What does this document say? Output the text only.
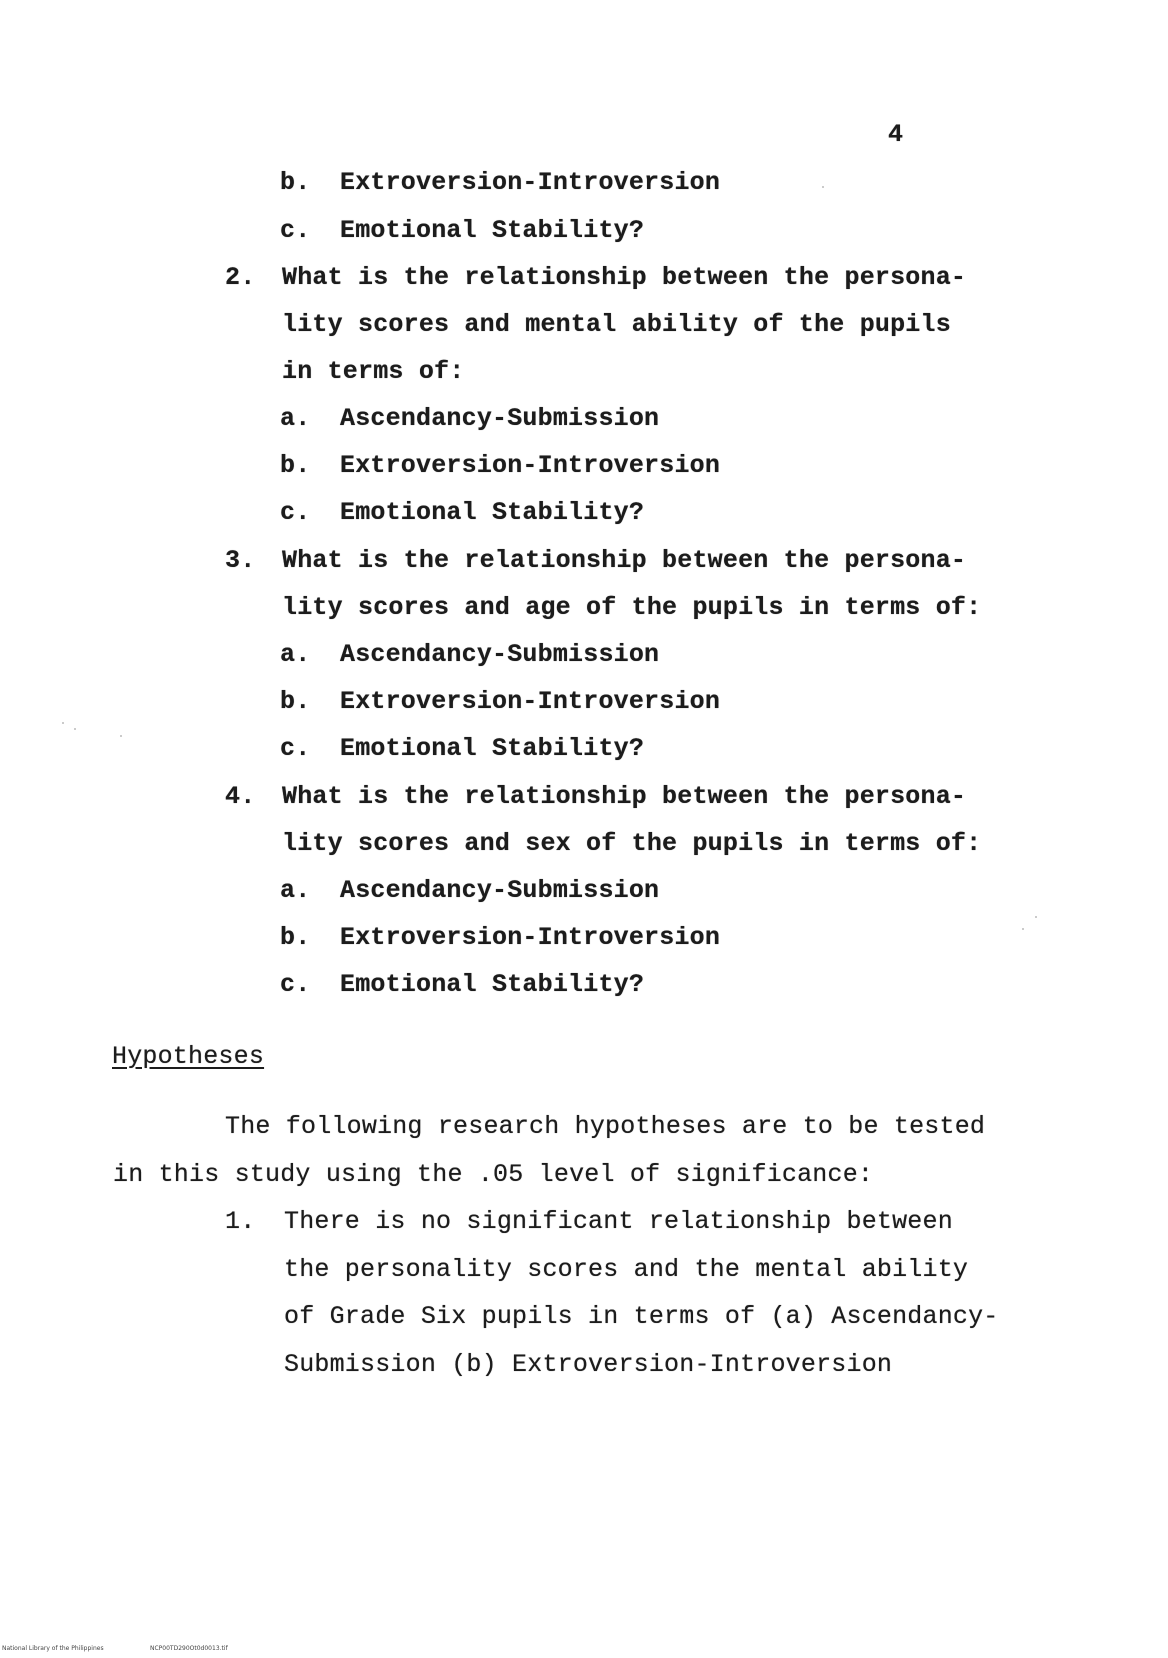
4
b. Extroversion-Introversion
c. Emotional Stability?
2. What is the relationship between the persona-
lity scores and mental ability of the pupils
in terms of:
a. Ascendancy-Submission
b. Extroversion-Introversion
c. Emotional Stability?
3. What is the relationship between the persona-
lity scores and age of the pupils in terms of:
a. Ascendancy-Submission
b. Extroversion-Introversion
c. Emotional Stability?
4. What is the relationship between the persona-
lity scores and sex of the pupils in terms of:
a. Ascendancy-Submission
b. Extroversion-Introversion
c. Emotional Stability?
Hypotheses
The following research hypotheses are to be tested
in this study using the .05 level of significance:
1. There is no significant relationship between
the personality scores and the mental ability
of Grade Six pupils in terms of (a) Ascendancy-
Submission (b) Extroversion-Introversion
National Library of the Philippines	NCP00TD290Ot0d0013.tif
